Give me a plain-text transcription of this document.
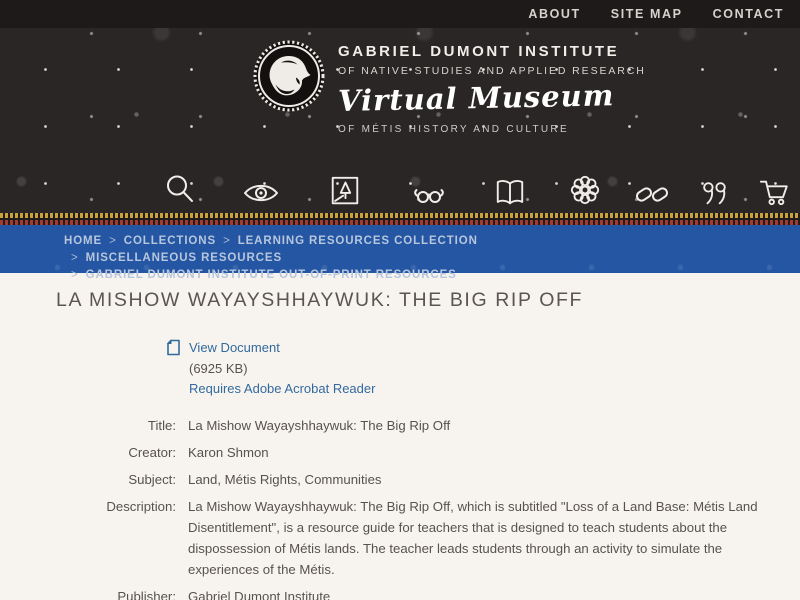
ABOUT SITE MAP CONTACT
GABRIEL DUMONT INSTITUTE
OF NATIVE STUDIES AND APPLIED RESEARCH
Virtual Museum
OF MÉTIS HISTORY AND CULTURE
HOME > COLLECTIONS > LEARNING RESOURCES COLLECTION> MISCELLANEOUS RESOURCES> GABRIEL DUMONT INSTITUTE OUT-OF-PRINT RESOURCES
LA MISHOW WAYAYSHHAYWUK: THE BIG RIP OFF
View Document
(6925 KB)
Requires Adobe Acrobat Reader
Title: La Mishow Wayayshhaywuk: The Big Rip Off
Creator: Karon Shmon
Subject: Land, Métis Rights, Communities
Description: La Mishow Wayayshhaywuk: The Big Rip Off, which is subtitled "Loss of a Land Base: Métis Land Disentitlement", is a resource guide for teachers that is designed to teach students about the dispossession of Métis lands. The teacher leads students through an activity to simulate the experiences of the Métis.
Publisher: Gabriel Dumont Institute
